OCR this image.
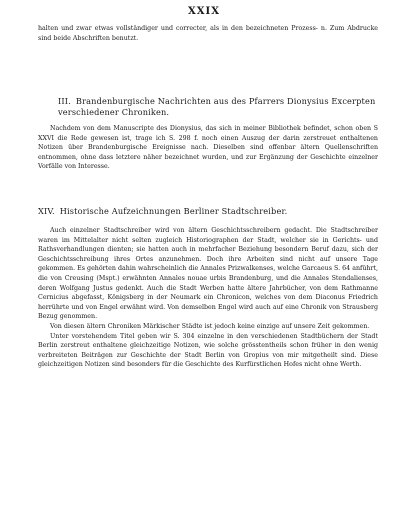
XXIX

halten und zwar etwas vollständiger und correcter, als in den bezeichneten Prozess- n. Zum Abdrucke sind beide Abschriften benutzt.

III. Brandenburgische Nachrichten aus des Pfarrers Dionysius Excerpten verschiedener Chroniken.

Nachdem von dem Manuscripte des Dionysius, das sich in meiner Bibliothek befindet, schon oben S XXVI die Rede gewesen ist, trage ich S. 298 f. noch einen Auszug der darin zerstreuet enthaltenen Notizen über Brandenburgische Ereignisse nach. Dieselben sind offenbar ältern Quellenschriften entnommen, ohne dass letztere näher bezeichnet wurden, und zur Ergänzung der Geschichte einzelner Vorfälle von Interesse.

XIV. Historische Aufzeichnungen Berliner Stadtschreiber.

Auch einzelner Stadtschreiber wird von ältern Geschichtsschreibern gedacht. Die Stadtschreiber waren im Mittelalter nicht selten zugleich Historiographen der Stadt, welcher sie in Gerichts- und Rathsverhandlungen dienten; sie hatten auch in mehrfacher Beziehung besondern Beruf dazu, sich der Geschichtsschreibung ihres Ortes anzunehmen. Doch ihre Arbeiten sind nicht auf unsere Tage gekommen. Es gehörten dahin wahrscheinlich die Annales Prizwalkenses, welche Garcaeus S. 64 anführt, die von Creusing (Mspt.) erwähnten Annales nouae urbis Brandenburg, und die Annales Stendalienses, deren Wolfgang Justus gedenkt. Auch die Stadt Werben hatte ältere Jahrbücher, von dem Rathmanne Cernicius abgefasst, Königsberg in der Neumark ein Chronicon, welches von dem Diaconus Friedrich herrührte und von Engel erwähnt wird. Von demselben Engel wird auch auf eine Chronik von Strausberg Bezug genommen.

Von diesen ältern Chroniken Märkischer Städte ist jedoch keine einzige auf unsere Zeit gekommen.

Unter vorstehendem Titel geben wir S. 304 einzelne in den verschiedenen Stadtbüchern der Stadt Berlin zerstreut enthaltene gleichzeitige Notizen, wie solche grösstentheils schon früher in den wenig verbreiteten Beiträgen zur Geschichte der Stadt Berlin von Gropius von mir mitgetheilt sind. Diese gleichzeitigen Notizen sind besonders für die Geschichte des Kurfürstlichen Hofes nicht ohne Werth.
